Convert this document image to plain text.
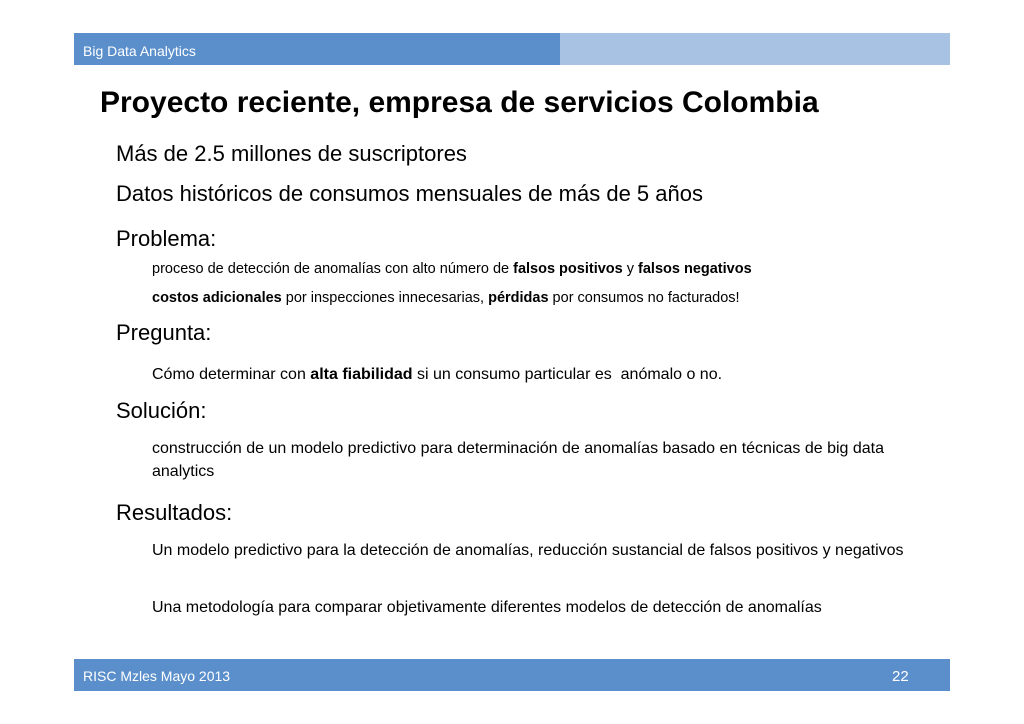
Big Data Analytics
Proyecto reciente, empresa de servicios Colombia
Más de 2.5 millones de suscriptores
Datos históricos de consumos mensuales de más de 5 años
Problema:
proceso de detección de anomalías con alto número de falsos positivos y falsos negativos
costos adicionales por inspecciones innecesarias, pérdidas por consumos no facturados!
Pregunta:
Cómo determinar con alta fiabilidad si un consumo particular es  anómalo o no.
Solución:
construcción de un modelo predictivo para determinación de anomalías basado en técnicas de big data analytics
Resultados:
Un modelo predictivo para la detección de anomalías, reducción sustancial de falsos positivos y negativos
Una metodología para comparar objetivamente diferentes modelos de detección de anomalías
RISC Mzles Mayo 2013	22
